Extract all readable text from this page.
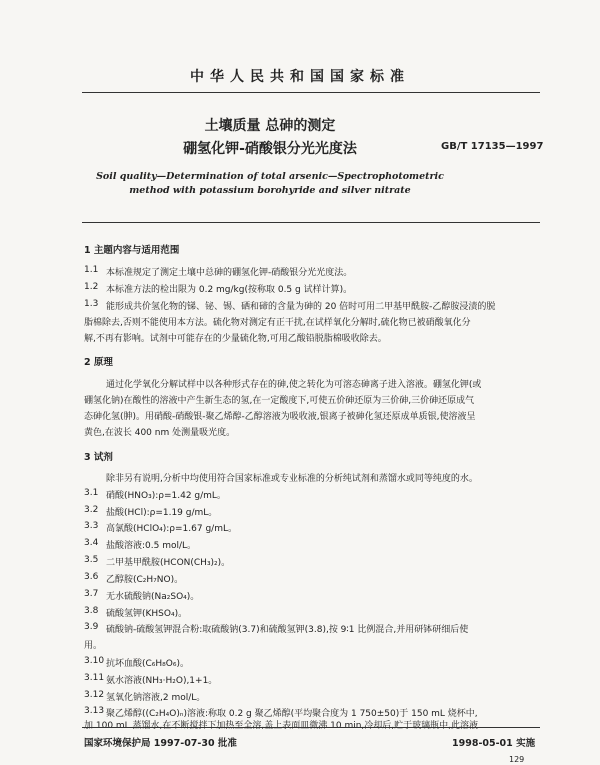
中华人民共和国国家标准
土壤质量 总砷的测定
硼氢化钾-硝酸银分光光度法	GB/T 17135—1997
Soil quality—Determination of total arsenic—Spectrophotometric
method with potassium borohyride and silver nitrate
1 主题内容与适用范围
1.1 本标准规定了测定土壤中总砷的硼氢化钾-硝酸银分光光度法。
1.2 本标准方法的检出限为 0.2 mg/kg(按称取 0.5 g 试样计算)。
1.3 能形成共价氢化物的锑、铋、锡、硒和碲的含量为砷的 20 倍时可用二甲基甲酰胺-乙醇胺浸渍的脱
脂棉除去,否则不能使用本方法。硫化物对测定有正干扰,在试样氧化分解时,硫化物已被硝酸氧化分
解,不再有影响。试剂中可能存在的少量硫化物,可用乙酸铅脱脂棉吸收除去。
2 原理
通过化学氧化分解试样中以各种形式存在的砷,使之转化为可溶态砷离子进入溶液。硼氢化钾(或
硼氢化钠)在酸性的溶液中产生新生态的氢,在一定酸度下,可使五价砷还原为三价砷,三价砷还原成气
态砷化氢(胂)。用硝酸-硝酸银-聚乙烯醇-乙醇溶液为吸收液,银离子被砷化氢还原成单质银,使溶液呈
黄色,在波长 400 nm 处测量吸光度。
3 试剂
除非另有说明,分析中均使用符合国家标准或专业标准的分析纯试剂和蒸馏水或同等纯度的水。
3.1 硝酸(HNO₃):ρ=1.42 g/mL。
3.2 盐酸(HCl):ρ=1.19 g/mL。
3.3 高氯酸(HClO₄):ρ=1.67 g/mL。
3.4 盐酸溶液:0.5 mol/L。
3.5 二甲基甲酰胺(HCON(CH₃)₂)。
3.6 乙醇胺(C₂H₇NO)。
3.7 无水硫酸钠(Na₂SO₄)。
3.8 硫酸氢钾(KHSO₄)。
3.9 硫酸钠-硫酸氢钾混合粉:取硫酸钠(3.7)和硫酸氢钾(3.8),按 9∶1 比例混合,并用研钵研细后使
用。
3.10 抗坏血酸(C₆H₈O₆)。
3.11 氨水溶液(NH₃·H₂O),1+1。
3.12 氢氧化钠溶液,2 mol/L。
3.13 聚乙烯醇((C₂H₄O)ₙ)溶液:称取 0.2 g 聚乙烯醇(平均聚合度为 1 750±50)于 150 mL 烧杯中,
加 100 mL 蒸馏水,在不断搅拌下加热至全溶,盖上表面皿微沸 10 min,冷却后,贮于玻璃瓶中,此溶液
国家环境保护局 1997-07-30 批准	1998-05-01 实施
129
